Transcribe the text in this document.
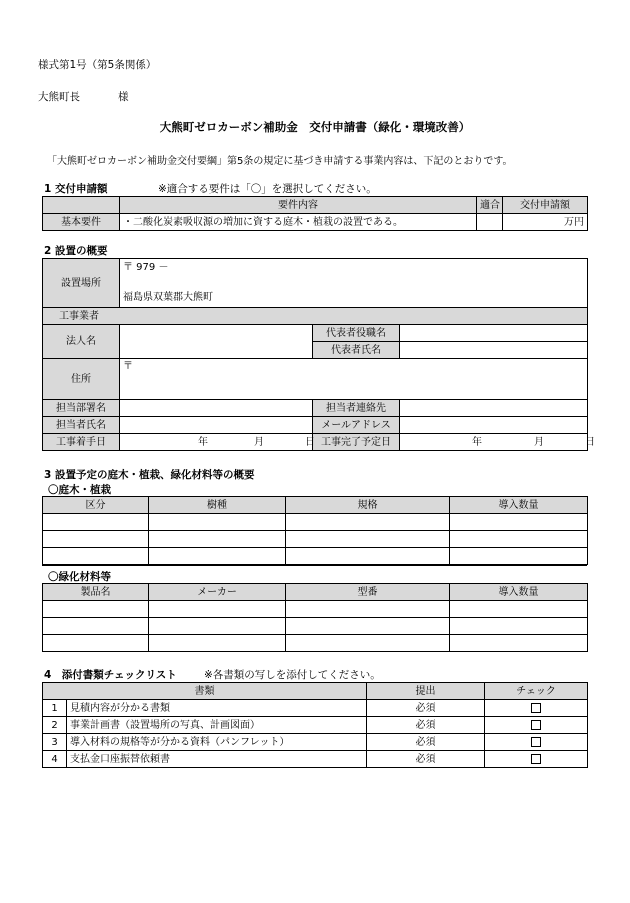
様式第1号（第5条関係）
大熊町長	様
大熊町ゼロカーボン補助金　交付申請書（緑化・環境改善）
「大熊町ゼロカーボン補助金交付要綱」第5条の規定に基づき申請する事業内容は、下記のとおりです。
1 交付申請額	※適合する要件は「〇」を選択してください。
	要件内容	適合	交付申請額
基本要件	・二酸化炭素吸収源の増加に資する庭木・植栽の設置である。		万円
2 設置の概要
設置場所	〒 979 －
福島県双葉郡大熊町		

工事業者			
法人名		代表者役職名	
		代表者氏名	
住所	〒		
担当部署名		担当者連絡先	
担当者氏名		メールアドレス	
工事着手日	年 月 日	工事完了予定日	年 月 日
3 設置予定の庭木・植栽、緑化材料等の概要
〇庭木・植栽
区分	樹種	規格	導入数量

〇緑化材料等
製品名	メーカー	型番	導入数量

4　添付書類チェックリスト	※各書類の写しを添付してください。
書類		提出	チェック
1	見積内容が分かる書類	必須	
2	事業計画書（設置場所の写真、計画図面）	必須	
3	導入材料の規格等が分かる資料（パンフレット）	必須	
4	支払金口座振替依頼書	必須	
